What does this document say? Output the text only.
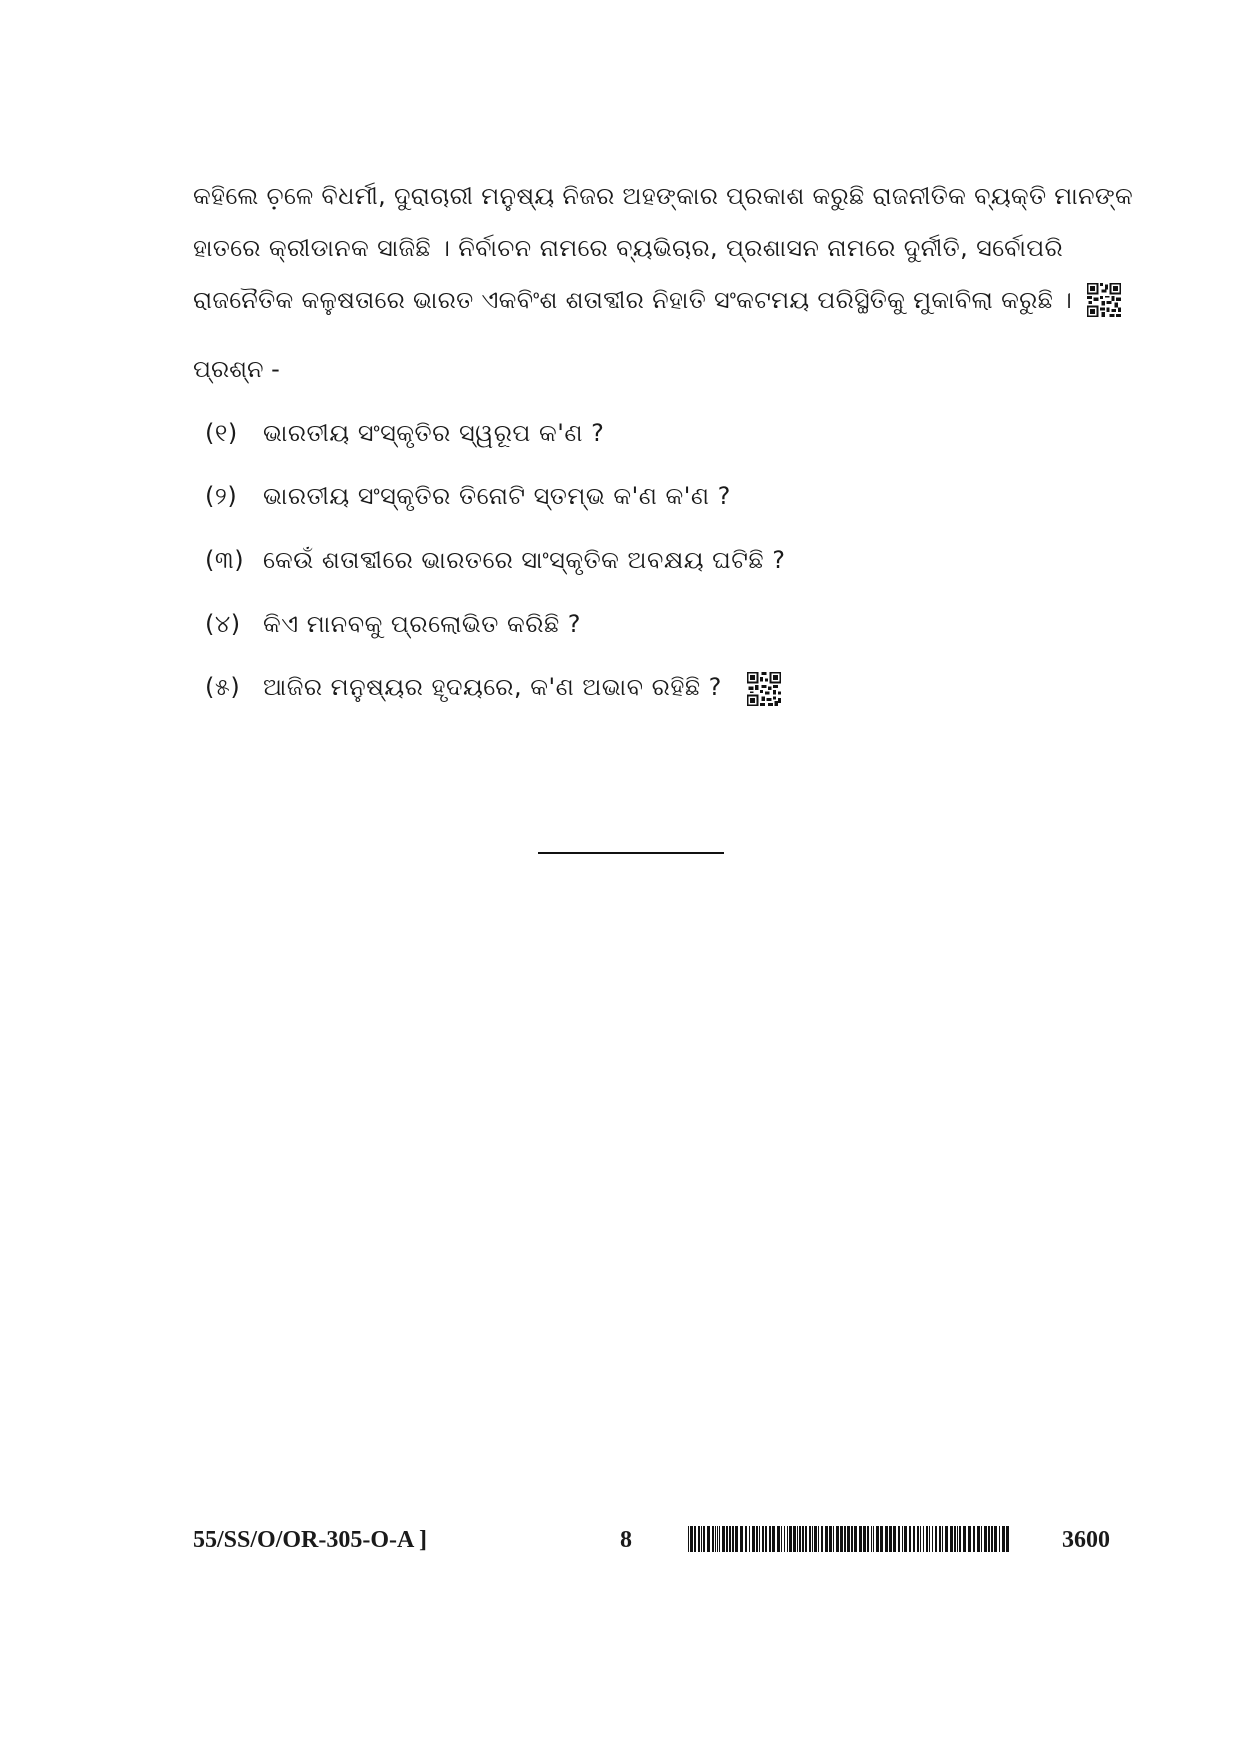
କହିଲେ ଚ଼ଳେ ବିଧର୍ମୀ, ଦୁରାଚାରୀ ମନୁଷ୍ୟ ନିଜର ଅହଙ୍କାର ପ୍ରକାଶ କରୁଛି ରାଜନୀତିକ ବ୍ୟକ୍ତି ମାନଙ୍କ
ହାତରେ କ୍ରୀଡାନକ ସାଜିଛି । ନିର୍ବାଚନ ନାମରେ ବ୍ୟଭିଚାର, ପ୍ରଶାସନ ନାମରେ ଦୁର୍ନୀତି, ସର୍ବୋପରି
ରାଜନୈତିକ କଳୁଷତାରେ ଭାରତ ଏକବିଂଶ ଶତାବ୍ଦୀର ନିହାତି ସଂକଟମୟ ପରିସ୍ଥିତିକୁ ମୁକାବିଲା କରୁଛି ।
ପ୍ରଶ୍ନ -
(୧) ଭାରତୀୟ ସଂସ୍କୃତିର ସ୍ୱରୂପ କ'ଣ ?
(୨) ଭାରତୀୟ ସଂସ୍କୃତିର ତିନୋଟି ସ୍ତମ୍ଭ କ'ଣ କ'ଣ ?
(୩) କେଉଁ ଶତାବ୍ଦୀରେ ଭାରତରେ ସାଂସ୍କୃତିକ ଅବକ୍ଷୟ ଘଟିଛି ?
(୪) କିଏ ମାନବକୁ ପ୍ରଲୋଭିତ କରିଛି ?
(୫) ଆଜିର ମନୁଷ୍ୟର ହୃଦୟରେ, କ'ଣ ଅଭାବ ରହିଛି ?
55/SS/O/OR-305-O-A ]	8	3600
